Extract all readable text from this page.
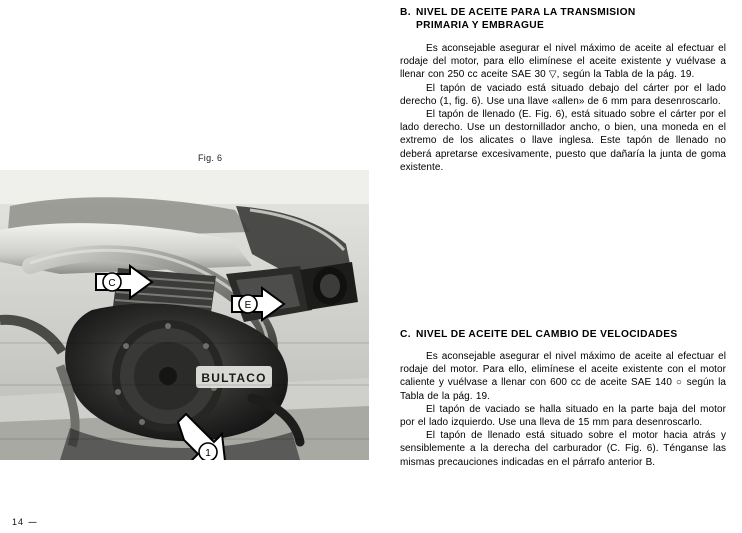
Fig. 6
BULTACO
C
E
1
14 ----
B. NIVEL DE ACEITE PARA LA TRANSMISION
PRIMARIA Y EMBRAGUE

Es aconsejable asegurar el nivel máximo de aceite al efectuar el rodaje del motor, para ello elimínese el aceite existente y vuélvase a llenar con 250 cc aceite SAE 30 ▽, según la Tabla de la pág. 19.

El tapón de vaciado está situado debajo del cárter por el lado derecho (1, fig. 6). Use una llave «allen» de 6 mm para desenroscarlo.

El tapón de llenado (E. Fig. 6), está situado sobre el cárter por el lado derecho. Use un destornillador ancho, o bien, una moneda en el extremo de los alicates o llave inglesa. Este tapón de llenado no deberá apretarse excesivamente, puesto que dañaría la junta de goma existente.

C. NIVEL DE ACEITE DEL CAMBIO DE VELOCIDADES

Es aconsejable asegurar el nivel máximo de aceite al efectuar el rodaje del motor. Para ello, elimínese el aceite existente con el motor caliente y vuélvase a llenar con 600 cc de aceite SAE 140 ○ según la Tabla de la pág. 19.

El tapón de vaciado se halla situado en la parte baja del motor por el lado izquierdo. Use una lleva de 15 mm para desenroscarlo.

El tapón de llenado está situado sobre el motor hacia atrás y sensiblemente a la derecha del carburador (C. Fig. 6). Ténganse las mismas precauciones indicadas en el párrafo anterior B.
